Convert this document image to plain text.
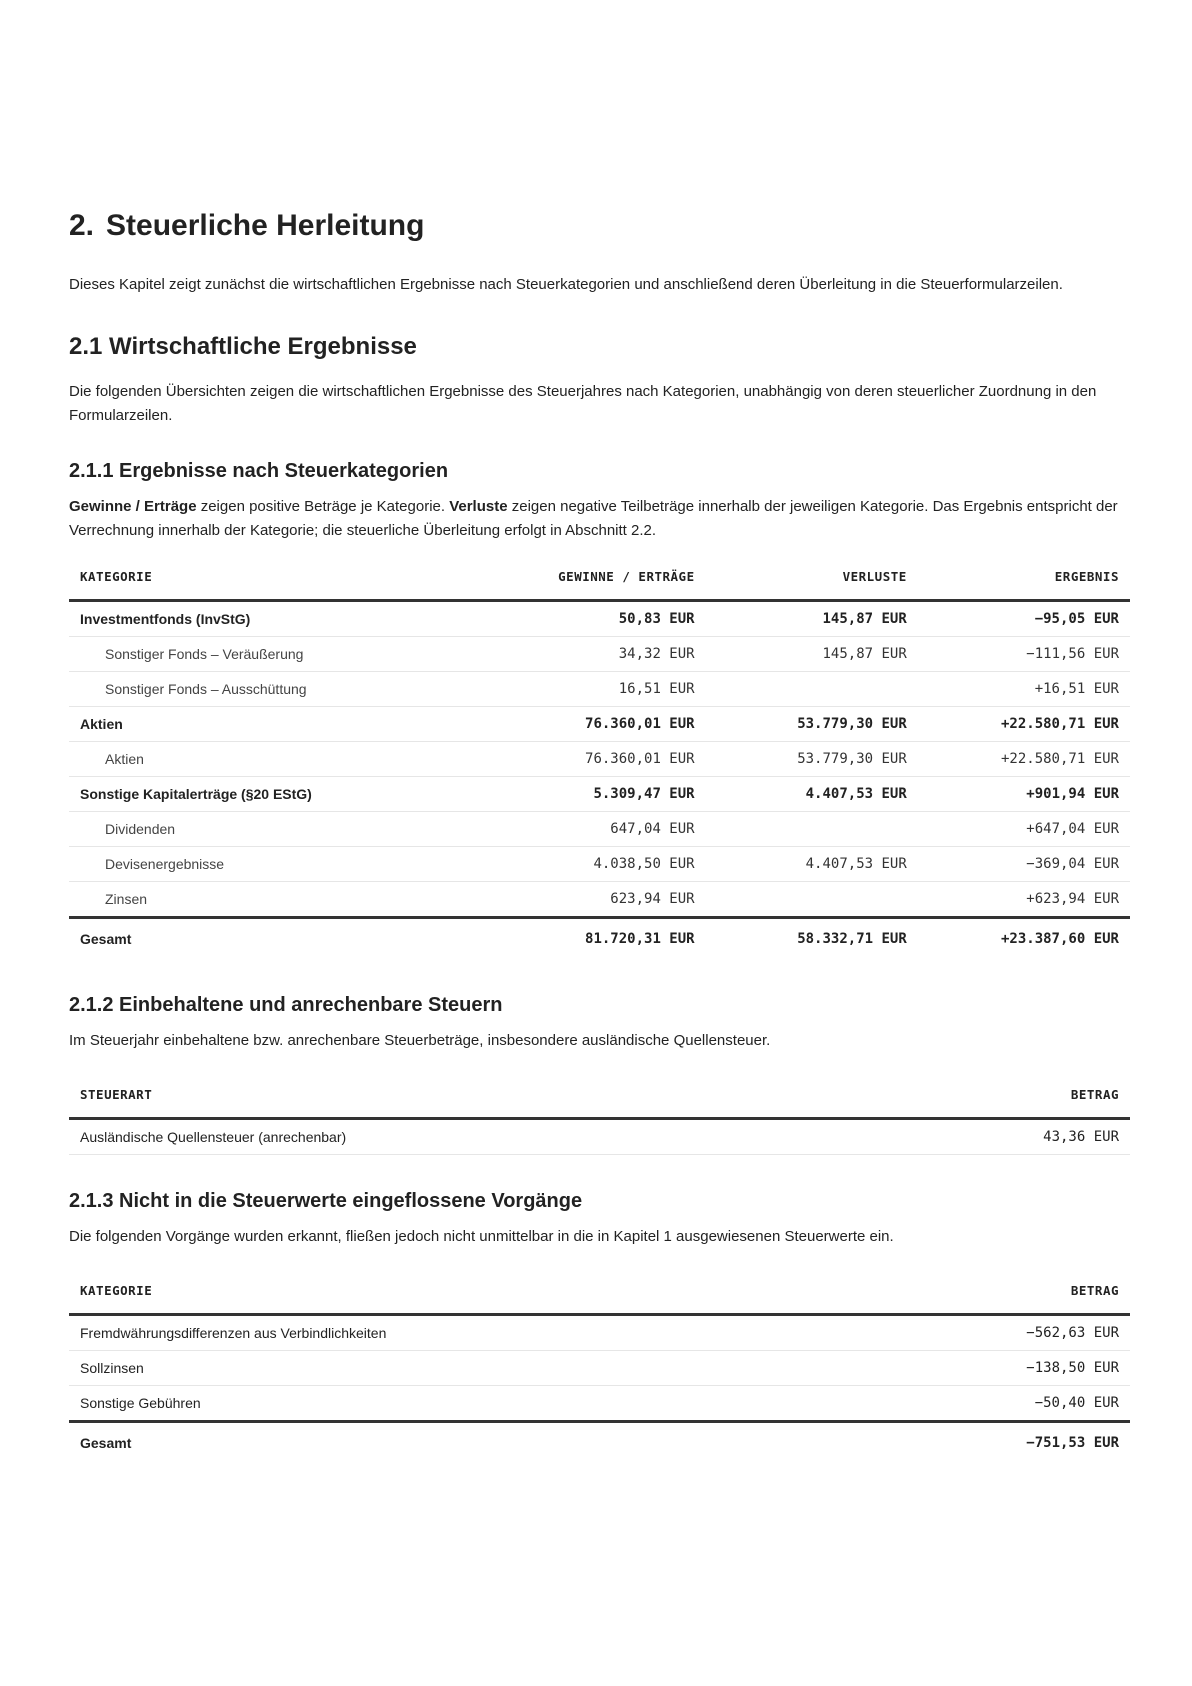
2. Steuerliche Herleitung

Dieses Kapitel zeigt zunächst die wirtschaftlichen Ergebnisse nach Steuerkategorien und anschließend deren Überleitung in die Steuerformularzeilen.

2.1 Wirtschaftliche Ergebnisse

Die folgenden Übersichten zeigen die wirtschaftlichen Ergebnisse des Steuerjahres nach Kategorien, unabhängig von deren steuerlicher Zuordnung in den Formularzeilen.

2.1.1 Ergebnisse nach Steuerkategorien

Gewinne / Erträge zeigen positive Beträge je Kategorie. Verluste zeigen negative Teilbeträge innerhalb der jeweiligen Kategorie. Das Ergebnis entspricht der Verrechnung innerhalb der Kategorie; die steuerliche Überleitung erfolgt in Abschnitt 2.2.

KATEGORIE	GEWINNE / ERTRÄGE	VERLUSTE	ERGEBNIS
Investmentfonds (InvStG)	50,83 EUR	145,87 EUR	−95,05 EUR
Sonstiger Fonds – Veräußerung	34,32 EUR	145,87 EUR	−111,56 EUR
Sonstiger Fonds – Ausschüttung	16,51 EUR		+16,51 EUR
Aktien	76.360,01 EUR	53.779,30 EUR	+22.580,71 EUR
Aktien	76.360,01 EUR	53.779,30 EUR	+22.580,71 EUR
Sonstige Kapitalerträge (§20 EStG)	5.309,47 EUR	4.407,53 EUR	+901,94 EUR
Dividenden	647,04 EUR		+647,04 EUR
Devisenergebnisse	4.038,50 EUR	4.407,53 EUR	−369,04 EUR
Zinsen	623,94 EUR		+623,94 EUR
Gesamt	81.720,31 EUR	58.332,71 EUR	+23.387,60 EUR
2.1.2 Einbehaltene und anrechenbare Steuern

Im Steuerjahr einbehaltene bzw. anrechenbare Steuerbeträge, insbesondere ausländische Quellensteuer.

STEUERART	BETRAG
Ausländische Quellensteuer (anrechenbar)	43,36 EUR
2.1.3 Nicht in die Steuerwerte eingeflossene Vorgänge

Die folgenden Vorgänge wurden erkannt, fließen jedoch nicht unmittelbar in die in Kapitel 1 ausgewiesenen Steuerwerte ein.

KATEGORIE	BETRAG
Fremdwährungsdifferenzen aus Verbindlichkeiten	−562,63 EUR
Sollzinsen	−138,50 EUR
Sonstige Gebühren	−50,40 EUR
Gesamt	−751,53 EUR
